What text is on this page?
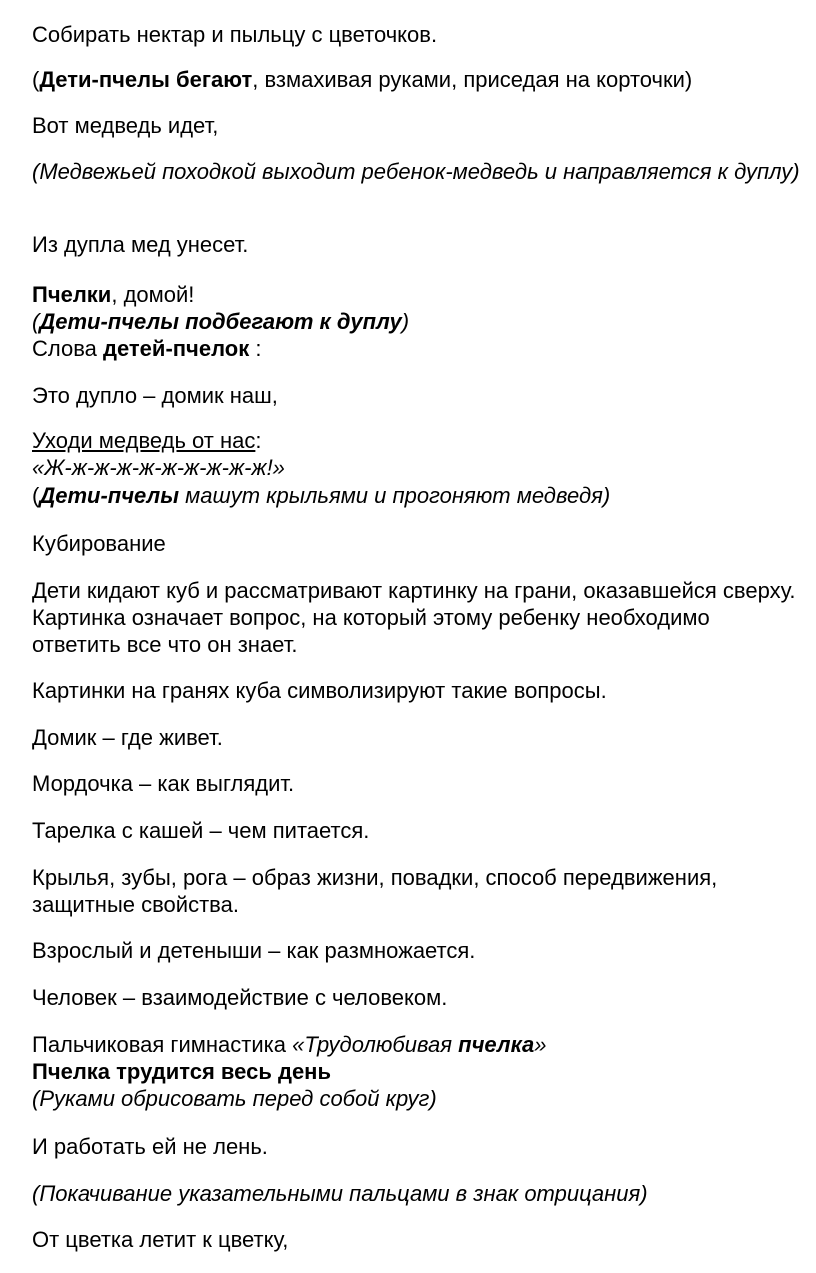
Собирать нектар и пыльцу с цветочков.

(Дети-пчелы бегают, взмахивая руками, приседая на корточки)

Вот медведь идет,

(Медвежьей походкой выходит ребенок-медведь и направляется к дуплу)

Из дупла мед унесет.

Пчелки, домой!

(Дети-пчелы подбегают к дуплу)

Слова детей-пчелок :

Это дупло – домик наш,

Уходи медведь от нас:

«Ж-ж-ж-ж-ж-ж-ж-ж-ж-ж!»

(Дети-пчелы машут крыльями и прогоняют медведя)

Кубирование

Дети кидают куб и рассматривают картинку на грани, оказавшейся сверху. Картинка означает вопрос, на который этому ребенку необходимо ответить все что он знает.

Картинки на гранях куба символизируют такие вопросы.

Домик – где живет.

Мордочка – как выглядит.

Тарелка с кашей – чем питается.

Крылья, зубы, рога – образ жизни, повадки, способ передвижения, защитные свойства.

Взрослый и детеныши – как размножается.

Человек – взаимодействие с человеком.

Пальчиковая гимнастика «Трудолюбивая пчелка»

Пчелка трудится весь день

(Руками обрисовать перед собой круг)

И работать ей не лень.

(Покачивание указательными пальцами в знак отрицания)

От цветка летит к цветку,
